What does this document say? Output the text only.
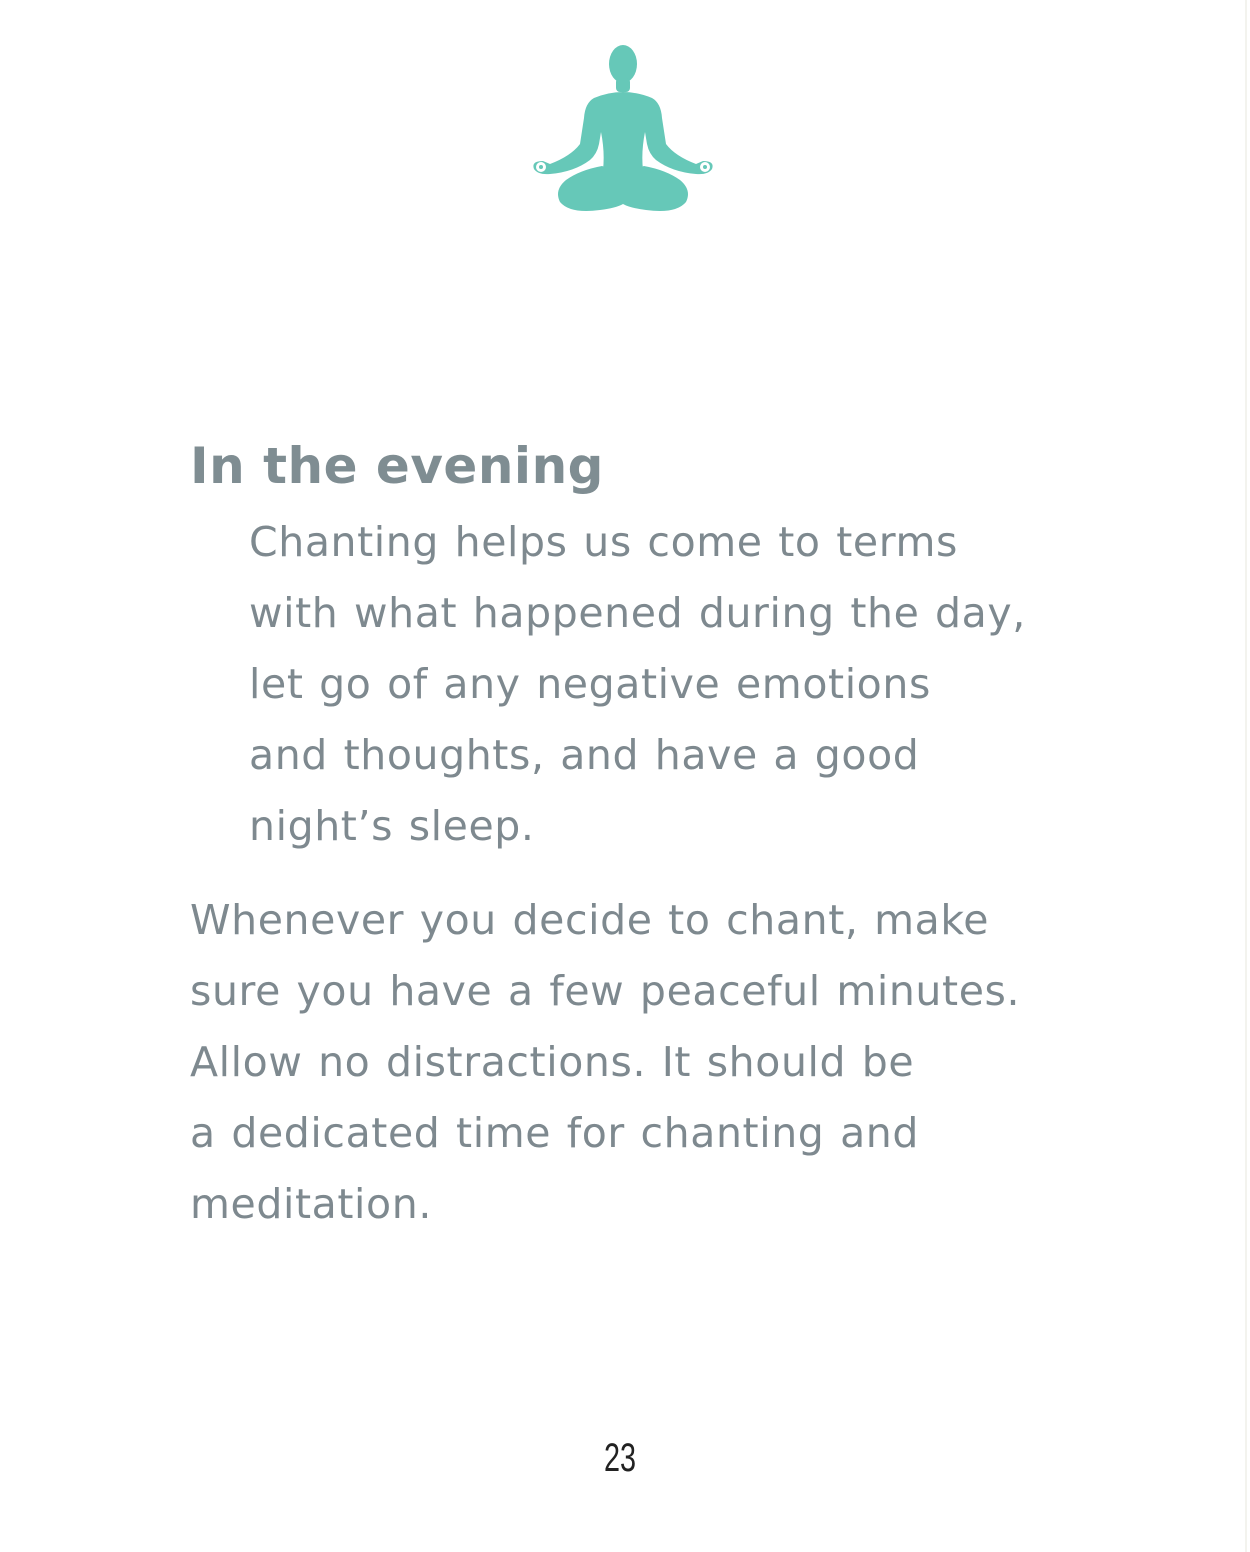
In the evening
Chanting helps us come to terms
with what happened during the day,
let go of any negative emotions
and thoughts, and have a good
night’s sleep.
Whenever you decide to chant, make
sure you have a few peaceful minutes.
Allow no distractions. It should be
a dedicated time for chanting and
meditation.
23
